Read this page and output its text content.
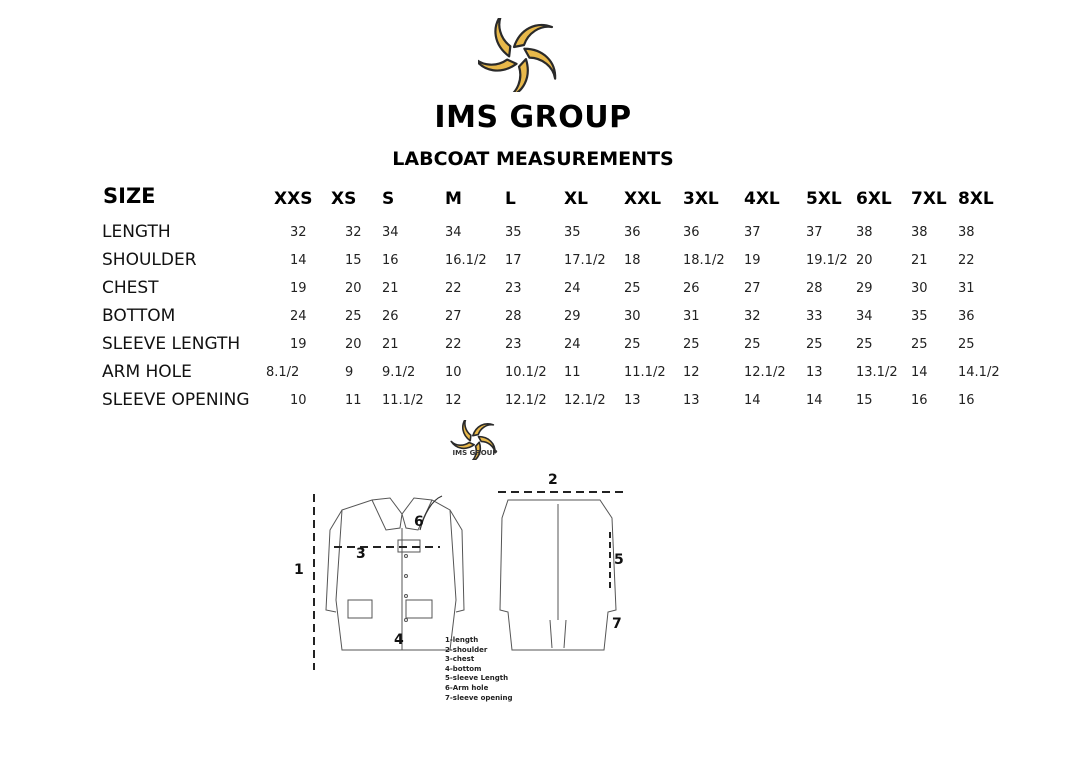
IMS GROUP
LABCOAT MEASUREMENTS
SIZE	XXS XS S	M	L	XL XXL 3XL 4XL 5XL 6XL 7XL 8XL
LENGTH	32	32 34	34	35	35	36	36	37	37	38	38 38
SHOULDER	14	15 16	16.1/2 17	17.1/2 18	18.1/2 19	19.1/2 20	21 22
CHEST	19	20 21	22	23	24	25	26	27	28	29	30 31
BOTTOM	24	25 26	27	28	29	30	31	32	33	34	35 36
SLEEVE LENGTH	19	20 21	22	23	24	25	25	25	25	25	25 25
ARM HOLE	8.1/2	9 9.1/2 10	10.1/2 11	11.1/2 12	12.1/2 13	13.1/2 14 14.1/2
SLEEVE OPENING	10	11 11.1/2 12	12.1/2 12.1/2 13	13	14	14	15	16 16
IMS GROUP
1
2
3
4
5
6
7
1-length
2-shoulder
3-chest
4-bottom
5-sleeve Length
6-Arm hole
7-sleeve opening
